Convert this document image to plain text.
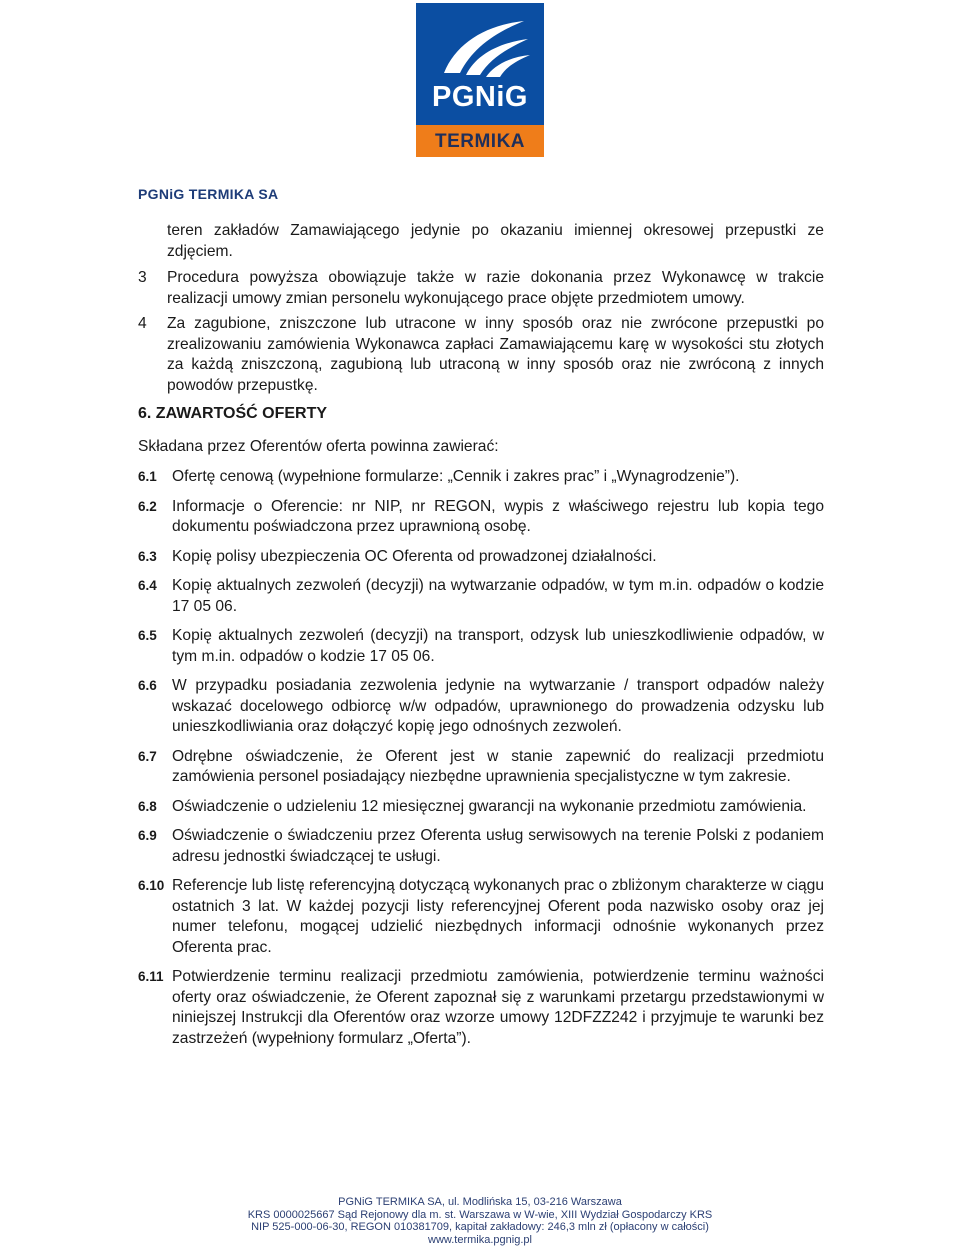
PGNiG
TERMIKA
PGNiG TERMIKA SA

teren zakładów Zamawiającego jedynie po okazaniu imiennej okresowej przepustki ze zdjęciem.

3 Procedura powyższa obowiązuje także w razie dokonania przez Wykonawcę w trakcie realizacji umowy zmian personelu wykonującego prace objęte przedmiotem umowy.
4 Za zagubione, zniszczone lub utracone w inny sposób oraz nie zwrócone przepustki po zrealizowaniu zamówienia Wykonawca zapłaci Zamawiającemu karę w wysokości stu złotych za każdą zniszczoną, zagubioną lub utraconą w inny sposób oraz nie zwróconą z innych powodów przepustkę.
6. ZAWARTOŚĆ OFERTY
Składana przez Oferentów oferta powinna zawierać:
6.1 Ofertę cenową (wypełnione formularze: „Cennik i zakres prac” i „Wynagrodzenie”).
6.2 Informacje o Oferencie: nr NIP, nr REGON, wypis z właściwego rejestru lub kopia tego dokumentu poświadczona przez uprawnioną osobę.
6.3 Kopię polisy ubezpieczenia OC Oferenta od prowadzonej działalności.
6.4 Kopię aktualnych zezwoleń (decyzji) na wytwarzanie odpadów, w tym m.in. odpadów o kodzie 17 05 06.
6.5 Kopię aktualnych zezwoleń (decyzji) na transport, odzysk lub unieszkodliwienie odpadów, w tym m.in. odpadów o kodzie 17 05 06.
6.6 W przypadku posiadania zezwolenia jedynie na wytwarzanie / transport odpadów należy wskazać docelowego odbiorcę w/w odpadów, uprawnionego do prowadzenia odzysku lub unieszkodliwiania oraz dołączyć kopię jego odnośnych zezwoleń.
6.7 Odrębne oświadczenie, że Oferent jest w stanie zapewnić do realizacji przedmiotu zamówienia personel posiadający niezbędne uprawnienia specjalistyczne w tym zakresie.
6.8 Oświadczenie o udzieleniu 12 miesięcznej gwarancji na wykonanie przedmiotu zamówienia.
6.9 Oświadczenie o świadczeniu przez Oferenta usług serwisowych na terenie Polski z podaniem adresu jednostki świadczącej te usługi.
6.10 Referencje lub listę referencyjną dotyczącą wykonanych prac o zbliżonym charakterze w ciągu ostatnich 3 lat. W każdej pozycji listy referencyjnej Oferent poda nazwisko osoby oraz jej numer telefonu, mogącej udzielić niezbędnych informacji odnośnie wykonanych przez Oferenta prac.
6.11 Potwierdzenie terminu realizacji przedmiotu zamówienia, potwierdzenie terminu ważności oferty oraz oświadczenie, że Oferent zapoznał się z warunkami przetargu przedstawionymi w niniejszej Instrukcji dla Oferentów oraz wzorze umowy 12DFZZ242 i przyjmuje te warunki bez zastrzeżeń (wypełniony formularz „Oferta”).
PGNiG TERMIKA SA, ul. Modlińska 15, 03-216 Warszawa
KRS 0000025667 Sąd Rejonowy dla m. st. Warszawa w W-wie, XIII Wydział Gospodarczy KRS
NIP 525-000-06-30, REGON 010381709, kapitał zakładowy: 246,3 mln zł (opłacony w całości)
www.termika.pgnig.pl
